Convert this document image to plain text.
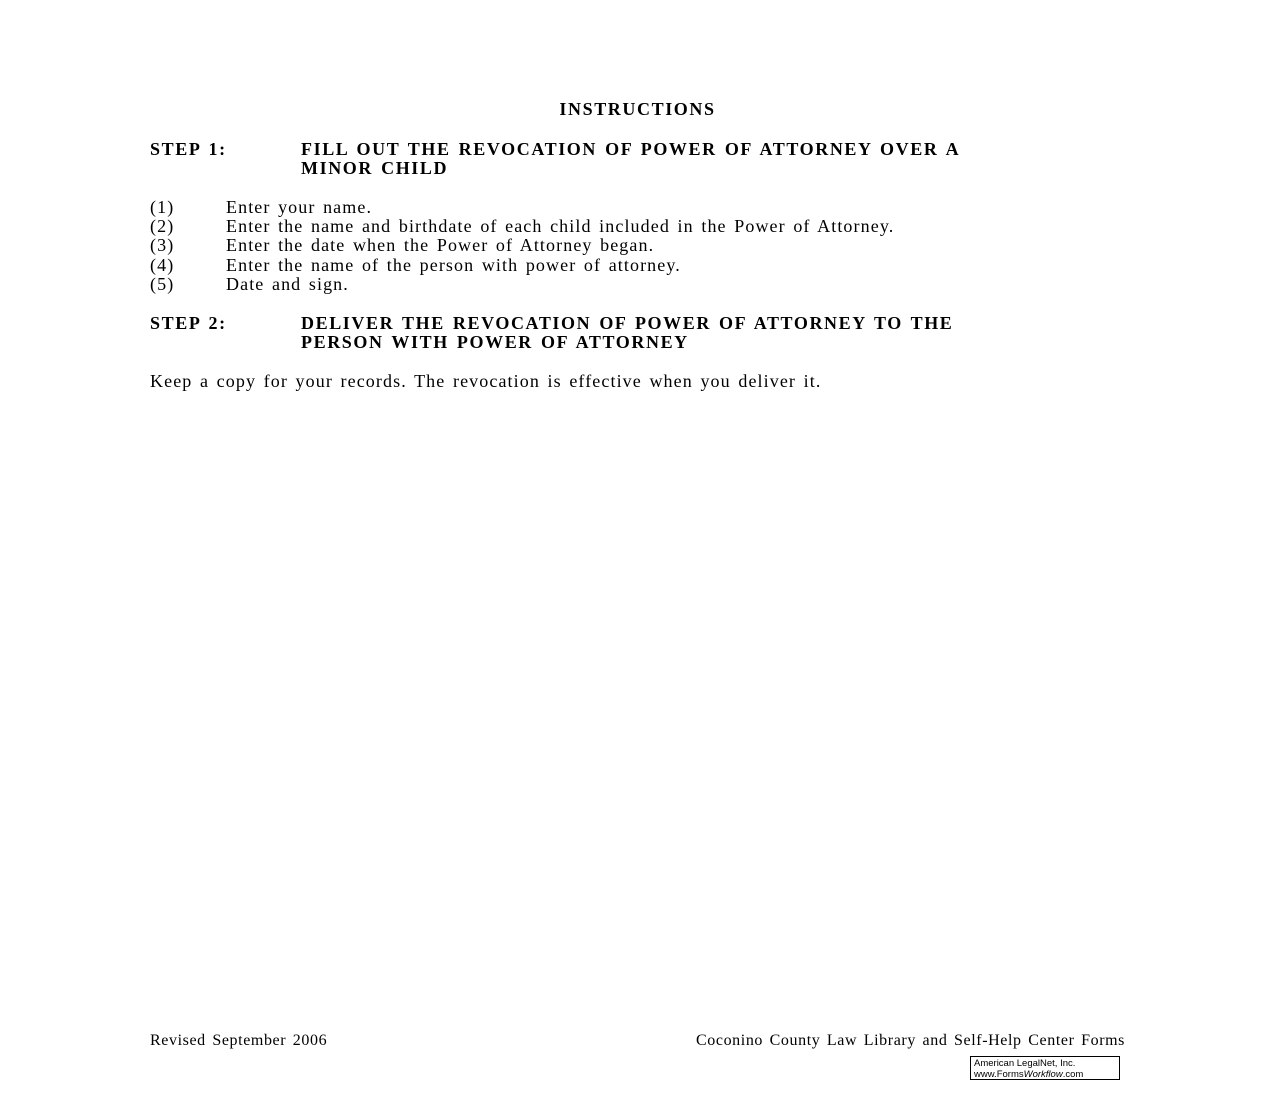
INSTRUCTIONS
STEP 1:	FILL OUT THE REVOCATION OF POWER OF ATTORNEY OVER A
MINOR CHILD
(1)	Enter your name.
(2)	Enter the name and birthdate of each child included in the Power of Attorney.
(3)	Enter the date when the Power of Attorney began.
(4)	Enter the name of the person with power of attorney.
(5)	Date and sign.
STEP 2:	DELIVER THE REVOCATION OF POWER OF ATTORNEY TO THE
PERSON WITH POWER OF ATTORNEY
Keep a copy for your records. The revocation is effective when you deliver it.
Revised September 2006	Coconino County Law Library and Self-Help Center Forms
American LegalNet, Inc.
www.FormsWorkflow.com
